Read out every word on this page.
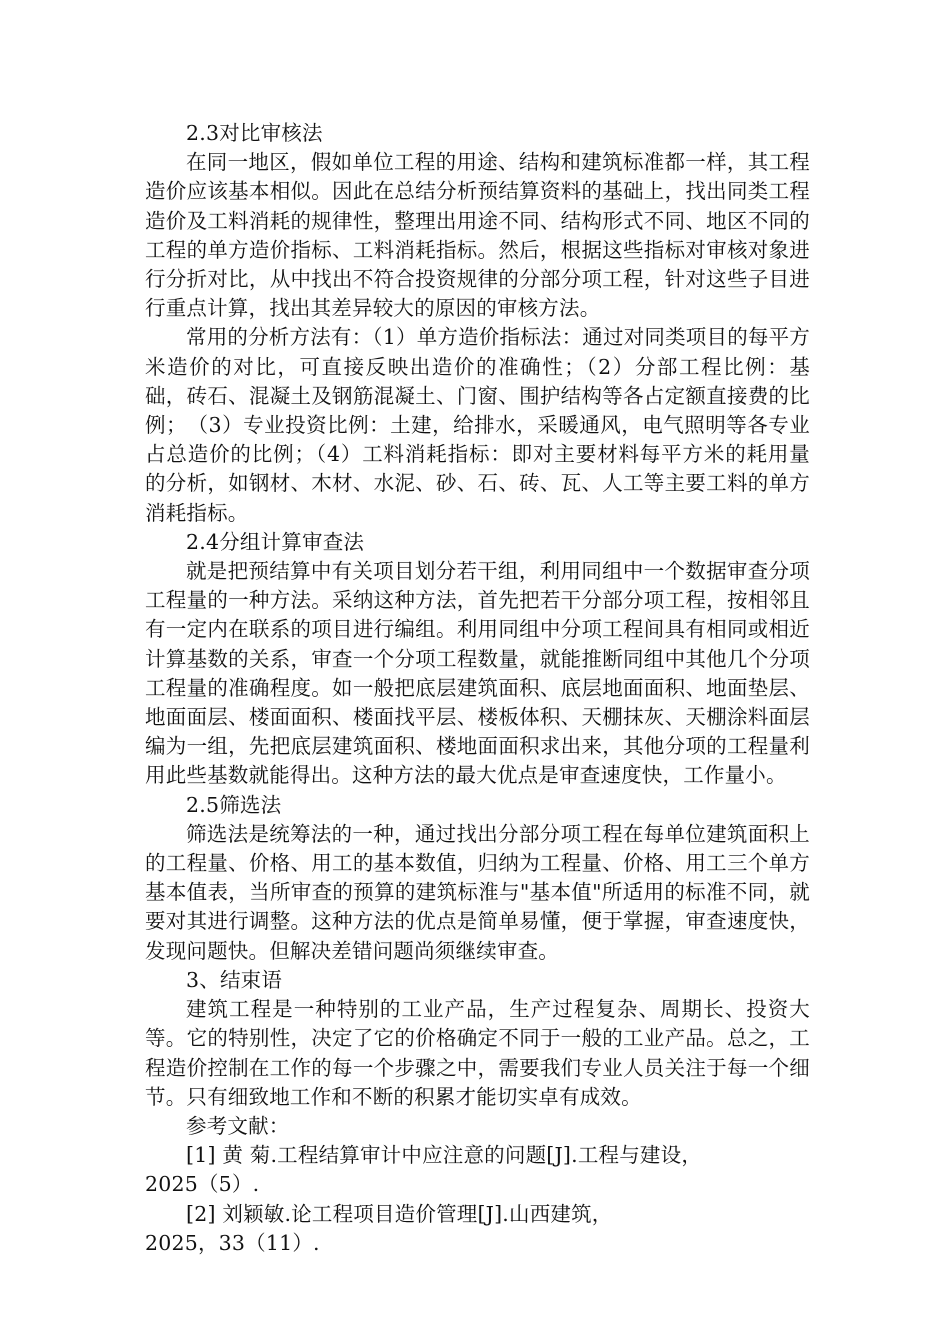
2.3对比审核法

在同一地区，假如单位工程的用途、结构和建筑标准都一样，其工程造价应该基本相似。因此在总结分析预结算资料的基础上，找出同类工程造价及工料消耗的规律性，整理出用途不同、结构形式不同、地区不同的工程的单方造价指标、工料消耗指标。然后，根据这些指标对审核对象进行分折对比，从中找出不符合投资规律的分部分项工程，针对这些子目进行重点计算，找出其差异较大的原因的审核方法。

常用的分析方法有：（1）单方造价指标法：通过对同类项目的每平方米造价的对比，可直接反映出造价的准确性；（2）分部工程比例：基础，砖石、混凝土及钢筋混凝土、门窗、围护结构等各占定额直接费的比例；　（3）专业投资比例：土建，给排水，采暖通风，电气照明等各专业占总造价的比例；（4）工料消耗指标：即对主要材料每平方米的耗用量的分析，如钢材、木材、水泥、砂、石、砖、瓦、人工等主要工料的单方消耗指标。

2.4分组计算审查法

就是把预结算中有关项目划分若干组，利用同组中一个数据审查分项工程量的一种方法。采纳这种方法，首先把若干分部分项工程，按相邻且有一定内在联系的项目进行编组。利用同组中分项工程间具有相同或相近计算基数的关系，审查一个分项工程数量，就能推断同组中其他几个分项工程量的准确程度。如一般把底层建筑面积、底层地面面积、地面垫层、地面面层、楼面面积、楼面找平层、楼板体积、天棚抹灰、天棚涂料面层编为一组，先把底层建筑面积、楼地面面积求出来，其他分项的工程量利用此些基数就能得出。这种方法的最大优点是审查速度快，工作量小。

2.5筛选法

筛选法是统筹法的一种，通过找出分部分项工程在每单位建筑面积上的工程量、价格、用工的基本数值，归纳为工程量、价格、用工三个单方基本值表，当所审查的预算的建筑标淮与"基本值"所适用的标准不同，就要对其进行调整。这种方法的优点是简单易懂，便于掌握，审查速度快，发现问题快。但解决差错问题尚须继续审查。

3、结束语

建筑工程是一种特别的工业产品，生产过程复杂、周期长、投资大等。它的特别性，决定了它的价格确定不同于一般的工业产品。总之，工程造价控制在工作的每一个步骤之中，需要我们专业人员关注于每一个细节。只有细致地工作和不断的积累才能切实卓有成效。

参考文献：

[1] 黄 菊.工程结算审计中应注意的问题[J].工程与建设，

2025（5）.

[2] 刘颖敏.论工程项目造价管理[J].山西建筑，

2025，33（11）.
